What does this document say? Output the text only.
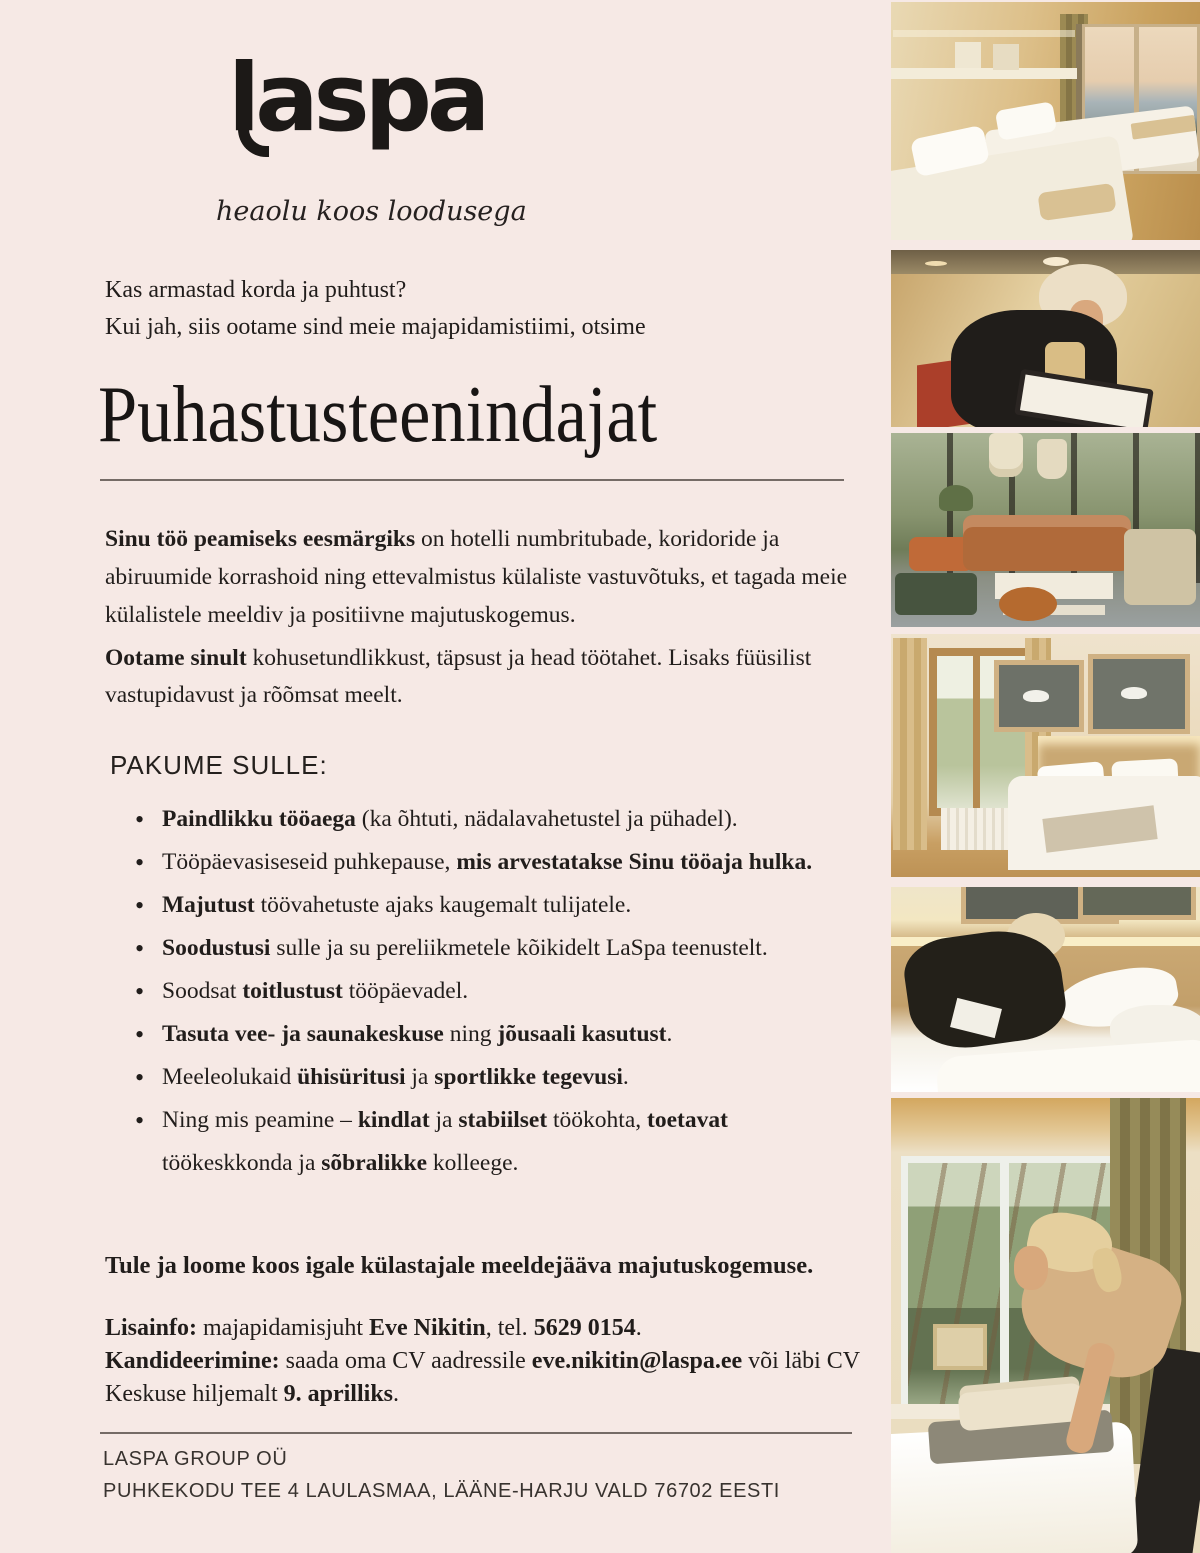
laspa
heaolu koos loodusega
Kas armastad korda ja puhtust?
Kui jah, siis ootame sind meie majapidamistiimi, otsime
Puhastusteenindajat

Sinu töö peamiseks eesmärgiks on hotelli numbritubade, koridoride ja abiruumide korrashoid ning ettevalmistus külaliste vastuvõtuks, et tagada meie külalistele meeldiv ja positiivne majutuskogemus.

Ootame sinult kohusetundlikkust, täpsust ja head töötahet. Lisaks füüsilist vastupidavust ja rõõmsat meelt.

PAKUME SULLE:
• Paindlikku tööaega (ka õhtuti, nädalavahetustel ja pühadel).
• Tööpäevasiseseid puhkepause, mis arvestatakse Sinu tööaja hulka.
• Majutust töövahetuste ajaks kaugemalt tulijatele.
• Soodustusi sulle ja su pereliikmetele kõikidelt LaSpa teenustelt.
• Soodsat toitlustust tööpäevadel.
• Tasuta vee- ja saunakeskuse ning jõusaali kasutust.
• Meeleolukaid ühisüritusi ja sportlikke tegevusi.
• Ning mis peamine – kindlat ja stabiilset töökohta, toetavat töökeskkonda ja sõbralikke kolleege.

Tule ja loome koos igale külastajale meeldejääva majutuskogemuse.

Lisainfo: majapidamisjuht Eve Nikitin, tel. 5629 0154.

Kandideerimine: saada oma CV aadressile eve.nikitin@laspa.ee või läbi CV Keskuse hiljemalt 9. aprilliks.

LASPA GROUP OÜ
PUHKEKODU TEE 4 LAULASMAA, LÄÄNE-HARJU VALD 76702 EESTI
